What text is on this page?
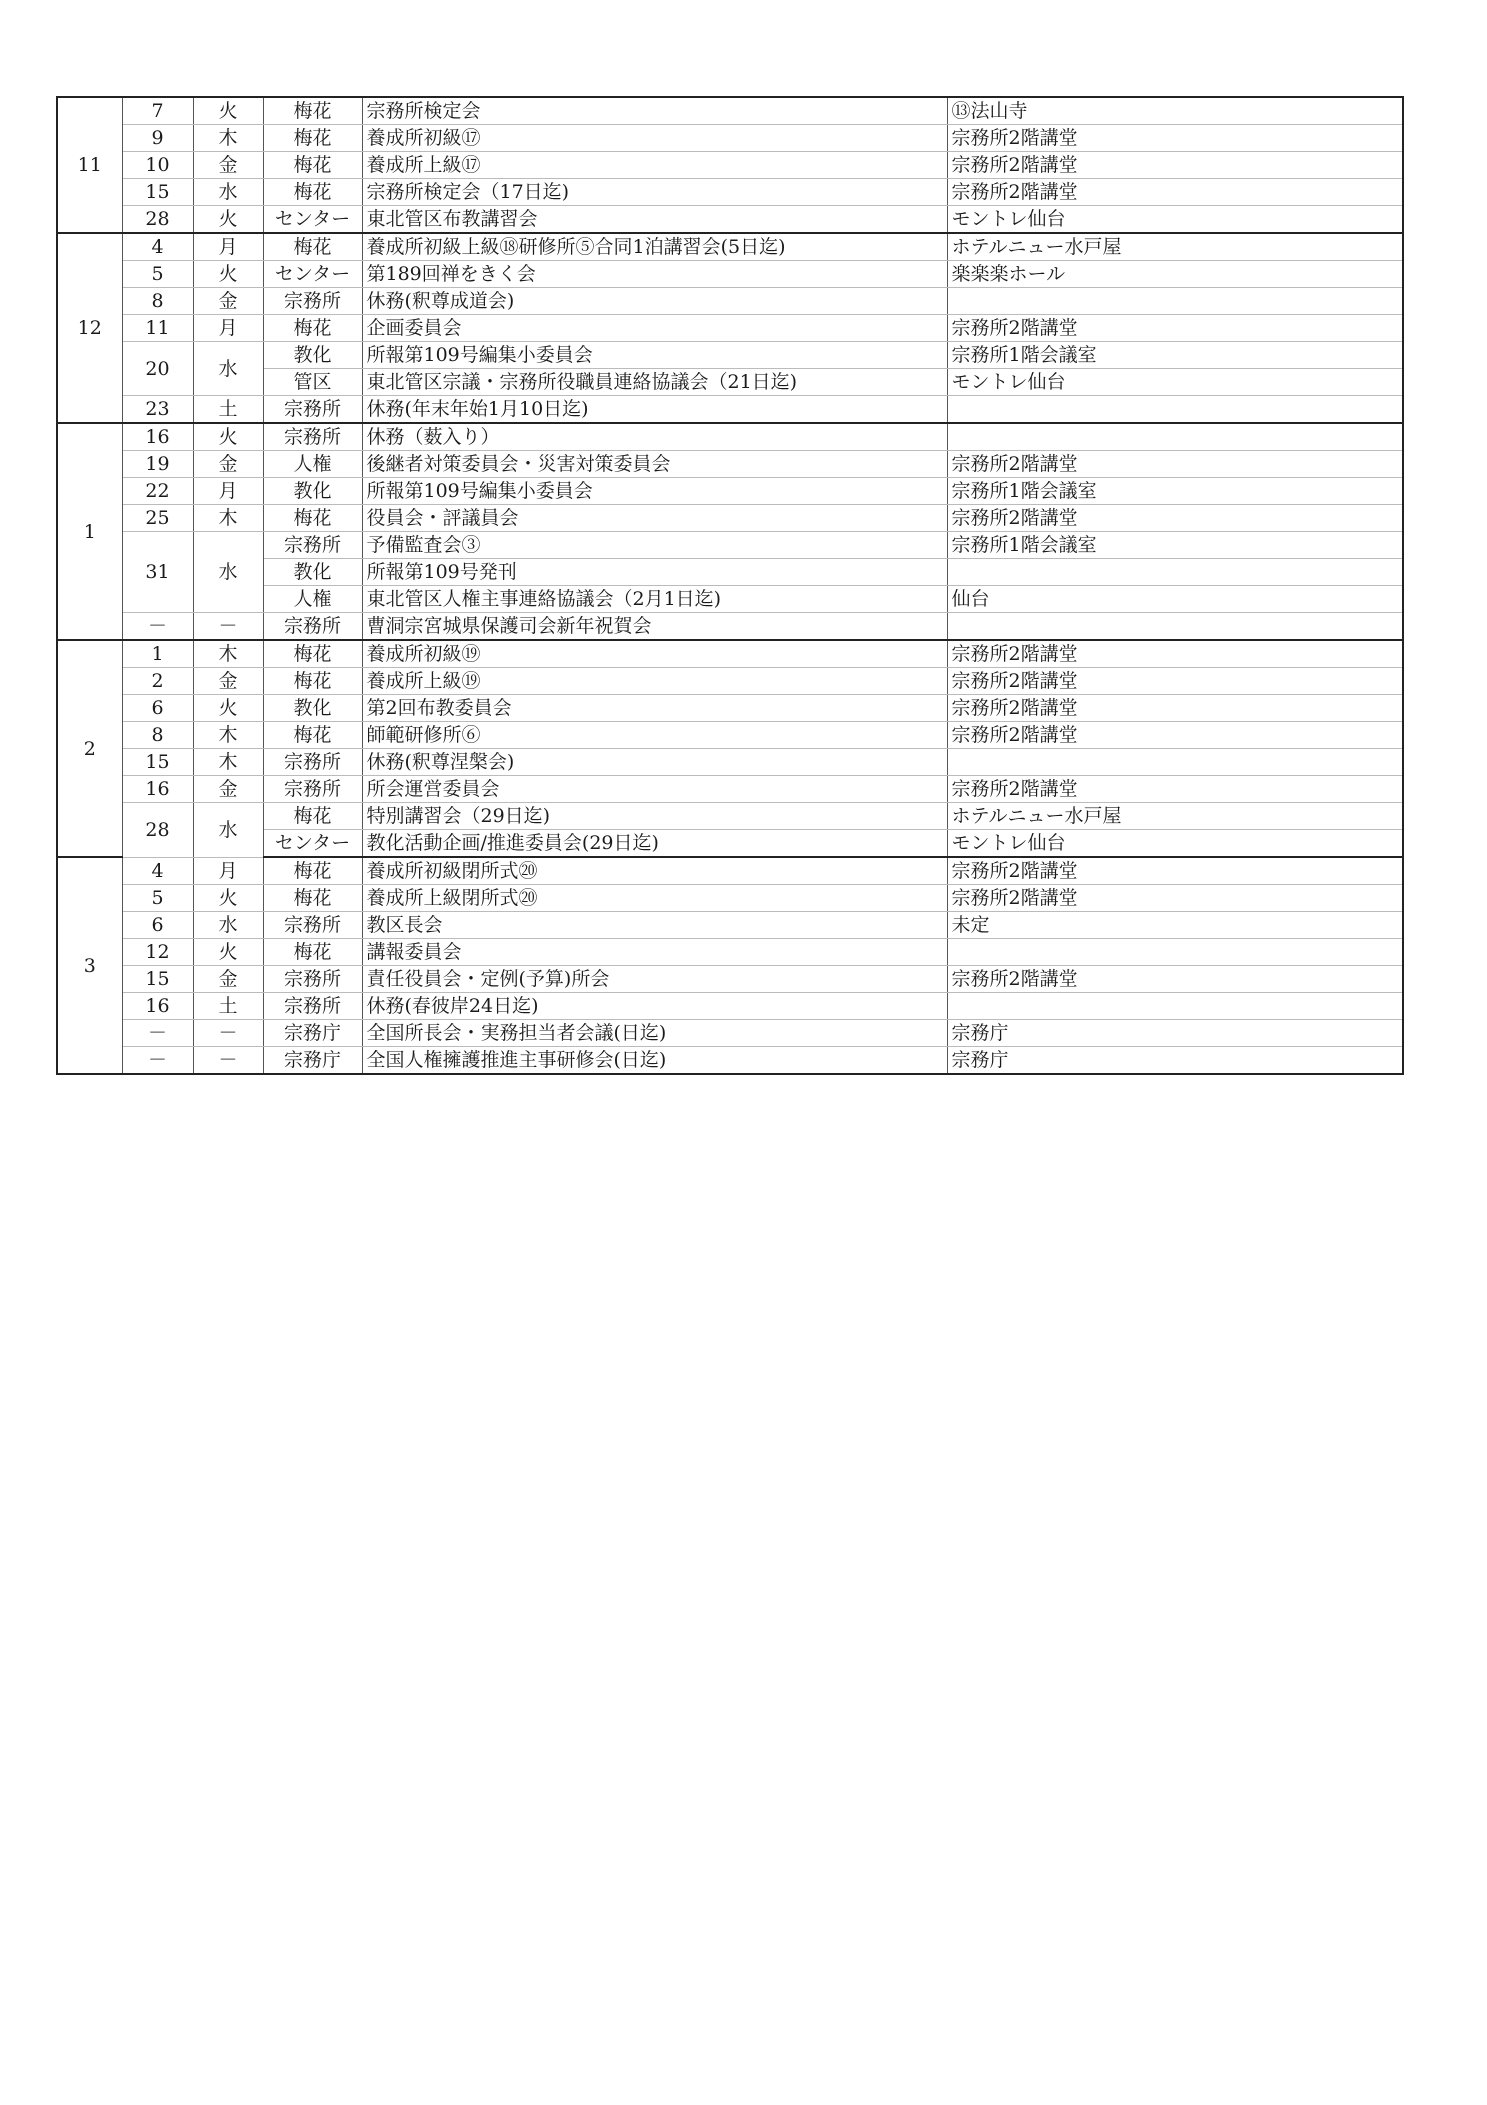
11	7	火	梅花	宗務所検定会	⑬法山寺
	9	木	梅花	養成所初級⑰	宗務所2階講堂
	10	金	梅花	養成所上級⑰	宗務所2階講堂
	15	水	梅花	宗務所検定会（17日迄)	宗務所2階講堂
	28	火	センター	東北管区布教講習会	モントレ仙台
12	4	月	梅花	養成所初級上級⑱研修所⑤合同1泊講習会(5日迄)	ホテルニュー水戸屋
	5	火	センター	第189回禅をきく会	楽楽楽ホール
	8	金	宗務所	休務(釈尊成道会)	
	11	月	梅花	企画委員会	宗務所2階講堂
	20	水	教化	所報第109号編集小委員会	宗務所1階会議室
			管区	東北管区宗議・宗務所役職員連絡協議会（21日迄)	モントレ仙台
	23	土	宗務所	休務(年末年始1月10日迄)	
1	16	火	宗務所	休務（薮入り）	
	19	金	人権	後継者対策委員会・災害対策委員会	宗務所2階講堂
	22	月	教化	所報第109号編集小委員会	宗務所1階会議室
	25	木	梅花	役員会・評議員会	宗務所2階講堂
	31	水	宗務所	予備監査会③	宗務所1階会議室
			教化	所報第109号発刊	
			人権	東北管区人権主事連絡協議会（2月1日迄)	仙台
	－	－	宗務所	曹洞宗宮城県保護司会新年祝賀会	
2	1	木	梅花	養成所初級⑲	宗務所2階講堂
	2	金	梅花	養成所上級⑲	宗務所2階講堂
	6	火	教化	第2回布教委員会	宗務所2階講堂
	8	木	梅花	師範研修所⑥	宗務所2階講堂
	15	木	宗務所	休務(釈尊涅槃会)	
	16	金	宗務所	所会運営委員会	宗務所2階講堂
	28	水	梅花	特別講習会（29日迄)	ホテルニュー水戸屋
			センター	教化活動企画/推進委員会(29日迄)	モントレ仙台
3	4	月	梅花	養成所初級閉所式⑳	宗務所2階講堂
	5	火	梅花	養成所上級閉所式⑳	宗務所2階講堂
	6	水	宗務所	教区長会	未定
	12	火	梅花	講報委員会	
	15	金	宗務所	責任役員会・定例(予算)所会	宗務所2階講堂
	16	土	宗務所	休務(春彼岸24日迄)	
	－	－	宗務庁	全国所長会・実務担当者会議(日迄)	宗務庁
	－	－	宗務庁	全国人権擁護推進主事研修会(日迄)	宗務庁
